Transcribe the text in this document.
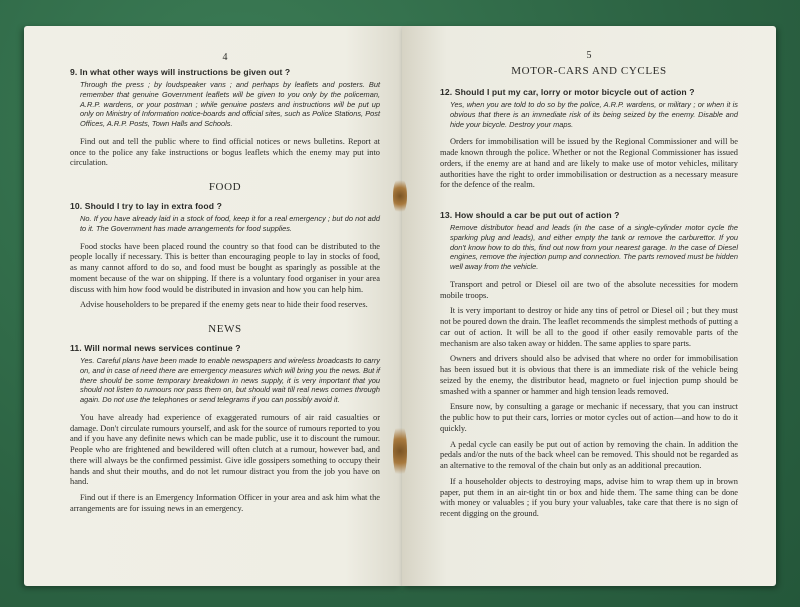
4

9. In what other ways will instructions be given out ?

Through the press ; by loudspeaker vans ; and perhaps by leaflets and posters. But remember that genuine Government leaflets will be given to you only by the policeman, A.R.P. wardens, or your postman ; while genuine posters and instructions will be put up only on Ministry of Information notice-boards and official sites, such as Police Stations, Post Offices, A.R.P. Posts, Town Halls and Schools.

Find out and tell the public where to find official notices or news bulletins. Report at once to the police any fake instructions or bogus leaflets which the enemy may put into circulation.

FOOD

10. Should I try to lay in extra food ?

No. If you have already laid in a stock of food, keep it for a real emergency ; but do not add to it. The Government has made arrangements for food supplies.

Food stocks have been placed round the country so that food can be distributed to the people locally if necessary. This is better than encouraging people to lay in stocks of food, as many cannot afford to do so, and food must be bought as sparingly as possible at the moment because of the war on shipping. If there is a voluntary food organiser in your area discuss with him how food would be distributed in invasion and how you can help him.

Advise householders to be prepared if the enemy gets near to hide their food reserves.

NEWS

11. Will normal news services continue ?

Yes. Careful plans have been made to enable newspapers and wireless broadcasts to carry on, and in case of need there are emergency measures which will bring you the news. But if there should be some temporary breakdown in news supply, it is very important that you should not listen to rumours nor pass them on, but should wait till real news comes through again. Do not use the telephones or send telegrams if you can possibly avoid it.

You have already had experience of exaggerated rumours of air raid casualties or damage. Don't circulate rumours yourself, and ask for the source of rumours reported to you and if you have any definite news which can be made public, use it to discount the rumour. People who are frightened and bewildered will often clutch at a rumour, however bad, and there will always be the confirmed pessimist. Give idle gossipers something to occupy their hands and shut their mouths, and do not let rumour distract you from the job you have on hand.

Find out if there is an Emergency Information Officer in your area and ask him what the arrangements are for issuing news in an emergency.

5
MOTOR-CARS AND CYCLES

12. Should I put my car, lorry or motor bicycle out of action ?

Yes, when you are told to do so by the police, A.R.P. wardens, or military ; or when it is obvious that there is an immediate risk of its being seized by the enemy. Disable and hide your bicycle. Destroy your maps.

Orders for immobilisation will be issued by the Regional Commissioner and will be made known through the police. Whether or not the Regional Commissioner has issued orders, if the enemy are at hand and are likely to make use of motor vehicles, military authorities have the right to order immobilisation or destruction as a necessary measure for the defence of the realm.

13. How should a car be put out of action ?

Remove distributor head and leads (in the case of a single-cylinder motor cycle the sparking plug and leads), and either empty the tank or remove the carburettor. If you don't know how to do this, find out now from your nearest garage. In the case of Diesel engines, remove the injection pump and connection. The parts removed must be hidden well away from the vehicle.

Transport and petrol or Diesel oil are two of the absolute necessities for modern mobile troops.

It is very important to destroy or hide any tins of petrol or Diesel oil ; but they must not be poured down the drain. The leaflet recommends the simplest methods of putting a car out of action. It will be all to the good if other easily removable parts of the mechanism are also taken away or hidden. The same applies to spare parts.

Owners and drivers should also be advised that where no order for immobilisation has been issued but it is obvious that there is an immediate risk of the vehicle being seized by the enemy, the distributor head, magneto or fuel injection pump should be smashed with a spanner or hammer and high tension leads removed.

Ensure now, by consulting a garage or mechanic if necessary, that you can instruct the public how to put their cars, lorries or motor cycles out of action—and how to do it quickly.

A pedal cycle can easily be put out of action by removing the chain. In addition the pedals and/or the nuts of the back wheel can be removed. This should not be regarded as an alternative to the removal of the chain but only as an additional precaution.

If a householder objects to destroying maps, advise him to wrap them up in brown paper, put them in an air-tight tin or box and hide them. The same thing can be done with money or valuables ; if you bury your valuables, take care that there is no sign of recent digging on the ground.
